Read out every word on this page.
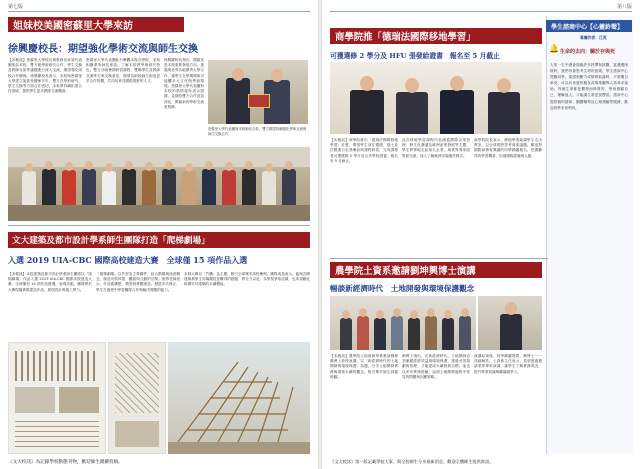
第七版
姐妹校美國密蘇里大學來訪
徐興慶校長：期望強化學術交流與師生交換
【本報訊】密蘇里大學校長與教務長率領代表團來訪本校，雙方就學術研究合作、學生交換及教師互訪等議題進行深入交流，期望強化兩校合作關係。徐興慶校長表示，本校與密蘇里大學建立姐妹校關係多年，雙方在學術研究、學生交換等方面合作密切，未來將持續拓展合作領域，提供學生更多國際交流機會。
密蘇里大學代表團此行參觀本校各學院，並與相關系所師長座談，了解本校教學與研究特色。雙方亦就暑期研習課程、雙聯學位及教師交流等方案交換意見，期望為兩校師生創造更多合作契機，共同培育具國際視野的人才。
徐興慶校長指出，國際化是本校重要發展方向，透過與世界各地優秀大學合作，讓學生在學期間即可接觸多元文化與學術環境。密蘇里大學代表團對本校的熱情接待表示感謝，並期待雙方合作更加深化，開創新的學術交流里程碑。
密蘇里大學代表團與本校師長合影，雙方期望持續強化學術交流與師生交換合作。
文大建築及都市設計學系師生團隊打造「爬梯劇場」
入選 2019 UIA-CBC 國際高校建造大賽　全球僅 15 項作品入選
【本報訊】本校建築及都市設計學系師生團隊以「爬梯劇場」作品入選 2019 UIA-CBC 國際高校建造大賽，全球僅有 15 項作品獲選，表現亮眼。團隊將於大賽現場實際建造作品，展現設計與施工實力。
「爬梯劇場」以竹材為主要構件，結合階梯與座席概念，創造可供休憩、觀賞與互動的空間。指導老師表示，作品從構想、模型到實體建造，歷經多次修正，學生在過程中學習團隊合作與解決問題的能力。
本屆大賽以「竹構」為主題，吸引全球眾多高校參與。團隊成員表示，能與各國建築系學生同場競技是難得的經驗，將全力以赴，為學校爭取佳績，也希望藉此推廣竹材建築的永續價值。
《文大校訊》為記錄學校動態刊物，歡迎師生踴躍投稿。
第八版
商學院推「德瑞法國際移地學習」
可獲選修 2 學分及 HFU 張發給證書　報名至 5 月截止
【本報訊】商學院推出「德瑞法國際移地學習」計畫，帶領學生前往德國、瑞士及法國進行企業參訪與課程研習，完成課程者可獲選修 2 學分及合作學校證書，報名至 5 月截止。
此次移地學習課程內容涵蓋國際企業管理、跨文化溝通及歐洲產業發展等主題，學生將實地走訪知名企業，與業界專家面對面交流，深入了解歐洲市場運作模式。
商學院院長表示，移地學習能讓學生走出教室，以全球視野思考商業議題。歡迎對國際商務有興趣的同學踴躍報名，把握難得的學習機會，拓展國際經驗與人脈。
學生諮商中心【心靈鈴聲】
專欄作者：江英
🔔 生命的去向：關於存與死
人的一生中總會面臨許多抉擇與挑戰，當遭遇困境時，我們常會思考生命的意義。學生諮商中心提醒同學，當感到壓力或情緒低落時，不要獨自承受，可以向身邊的親友或專業輔導人員尋求協助。每個生命都是獨特而珍貴的，學會照顧自己、理解他人，才能讓生命更加豐富。諮商中心提供個別諮商、團體輔導及心理測驗等服務，歡迎同學多加利用。
農學院土資系邀請劉坤興博士演講
暢談新經濟時代　土地開發與環境保護觀念
【本報訊】農學院土地資源學系邀請劉坤興博士蒞校演講，以「新經濟時代的土地開發與環境保護」為題，分享土地開發實務與環境永續的觀念，吸引眾多師生到場聆聽。
劉博士指出，在新經濟時代，土地開發必須兼顧經濟效益與環境保護，透過妥善規劃與管理，才能達成永續發展目標。他也以多年實務經驗，說明土地開發過程中常見的問題與因應策略。
演講結束後，同學踴躍提問，劉博士一一詳細解答。土資系主任表示，希望透過邀請業界專家演講，讓學生了解實務現況，提升專業知識與職場競爭力。
《文大校訊》第一版記載學校大事，與全校師生分享最新消息，歡迎全體師生提供資訊。
